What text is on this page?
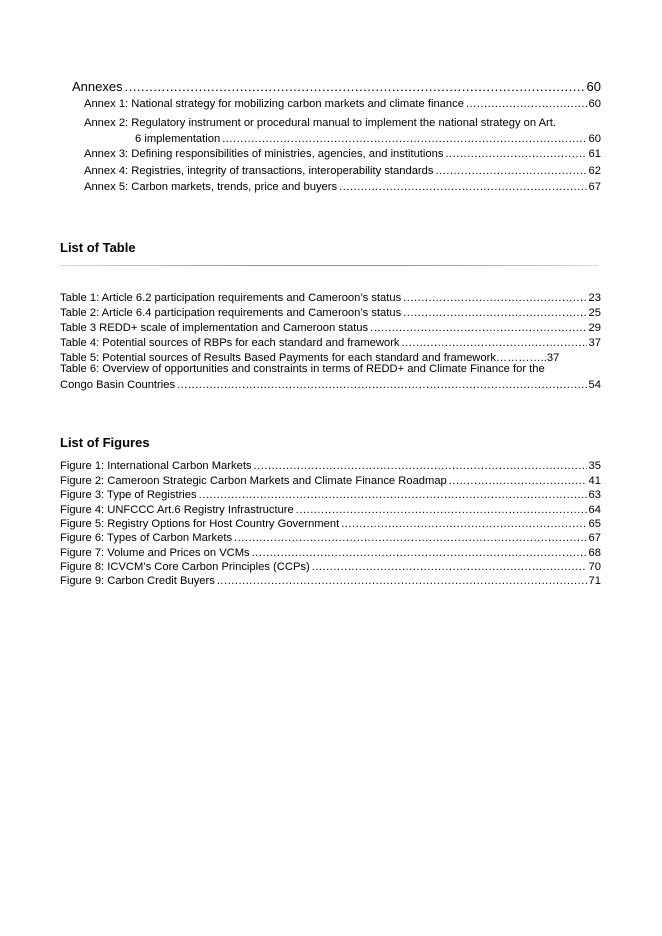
Annexes .....	60
Annex 1: National strategy for mobilizing carbon markets and climate finance .....	60
Annex 2: Regulatory instrument or procedural manual to implement the national strategy on Art.
6 implementation .....	60
Annex 3: Defining responsibilities of ministries, agencies, and institutions .....	61
Annex 4: Registries, integrity of transactions, interoperability standards .....	62
Annex 5: Carbon markets, trends, price and buyers .....	67
List of Table
Table 1: Article 6.2 participation requirements and Cameroon’s status .....	23
Table 2: Article 6.4 participation requirements and Cameroon’s status .....	25
Table 3 REDD+ scale of implementation and Cameroon status .....	29
Table 4: Potential sources of RBPs for each standard and framework .....	37
Table 5: Potential sources of Results Based Payments for each standard and framework…………..37
Table 6: Overview of opportunities and constraints in terms of REDD+ and Climate Finance for the
Congo Basin Countries .....	54
List of Figures
Figure 1: International Carbon Markets .....	35
Figure 2: Cameroon Strategic Carbon Markets and Climate Finance Roadmap .....	41
Figure 3: Type of Registries .....	63
Figure 4: UNFCCC Art.6 Registry Infrastructure .....	64
Figure 5: Registry Options for Host Country Government .....	65
Figure 6: Types of Carbon Markets .....	67
Figure 7: Volume and Prices on VCMs .....	68
Figure 8: ICVCM’s Core Carbon Principles (CCPs) .....	70
Figure 9: Carbon Credit Buyers .....	71
